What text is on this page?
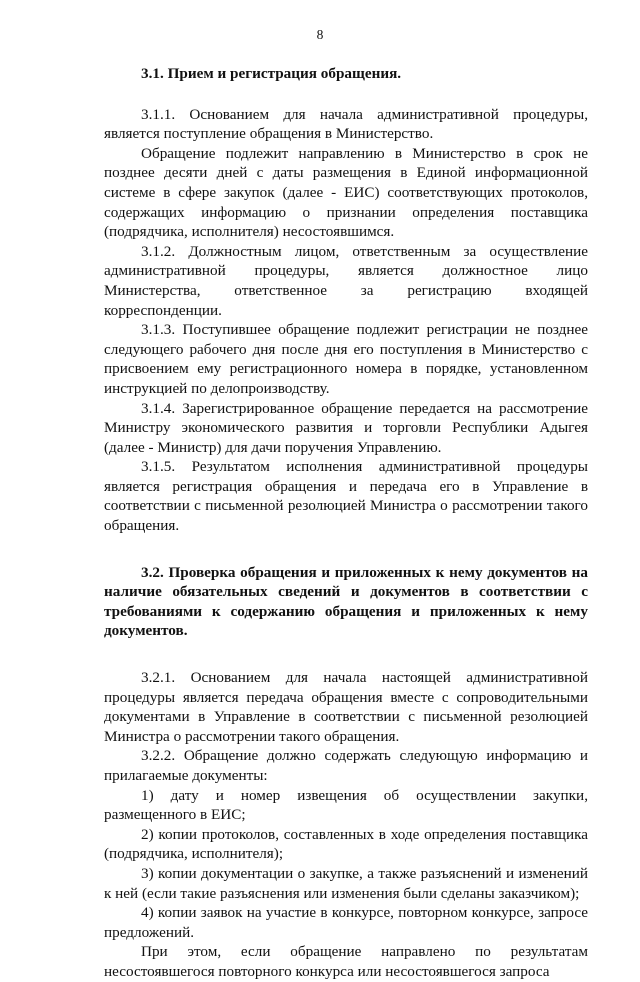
8

3.1. Прием и регистрация обращения.

3.1.1. Основанием для начала административной процедуры, является поступление обращения в Министерство.

Обращение подлежит направлению в Министерство в срок не позднее десяти дней с даты размещения в Единой информационной системе в сфере закупок (далее - ЕИС) соответствующих протоколов, содержащих информацию о признании определения поставщика (подрядчика, исполнителя) несостоявшимся.

3.1.2. Должностным лицом, ответственным за осуществление административной процедуры, является должностное лицо Министерства, ответственное за регистрацию входящей корреспонденции.

3.1.3. Поступившее обращение подлежит регистрации не позднее следующего рабочего дня после дня его поступления в Министерство с присвоением ему регистрационного номера в порядке, установленном инструкцией по делопроизводству.

3.1.4. Зарегистрированное обращение передается на рассмотрение Министру экономического развития и торговли Республики Адыгея (далее - Министр) для дачи поручения Управлению.

3.1.5. Результатом исполнения административной процедуры является регистрация обращения и передача его в Управление в соответствии с письменной резолюцией Министра о рассмотрении такого обращения.

3.2. Проверка обращения и приложенных к нему документов на наличие обязательных сведений и документов в соответствии с требованиями к содержанию обращения и приложенных к нему документов.

3.2.1. Основанием для начала настоящей административной процедуры является передача обращения вместе с сопроводительными документами в Управление в соответствии с письменной резолюцией Министра о рассмотрении такого обращения.

3.2.2. Обращение должно содержать следующую информацию и прилагаемые документы:

1) дату и номер извещения об осуществлении закупки, размещенного в ЕИС;

2) копии протоколов, составленных в ходе определения поставщика (подрядчика, исполнителя);

3) копии документации о закупке, а также разъяснений и изменений к ней (если такие разъяснения или изменения были сделаны заказчиком);

4) копии заявок на участие в конкурсе, повторном конкурсе, запросе предложений.

При этом, если обращение направлено по результатам несостоявшегося повторного конкурса или несостоявшегося запроса
